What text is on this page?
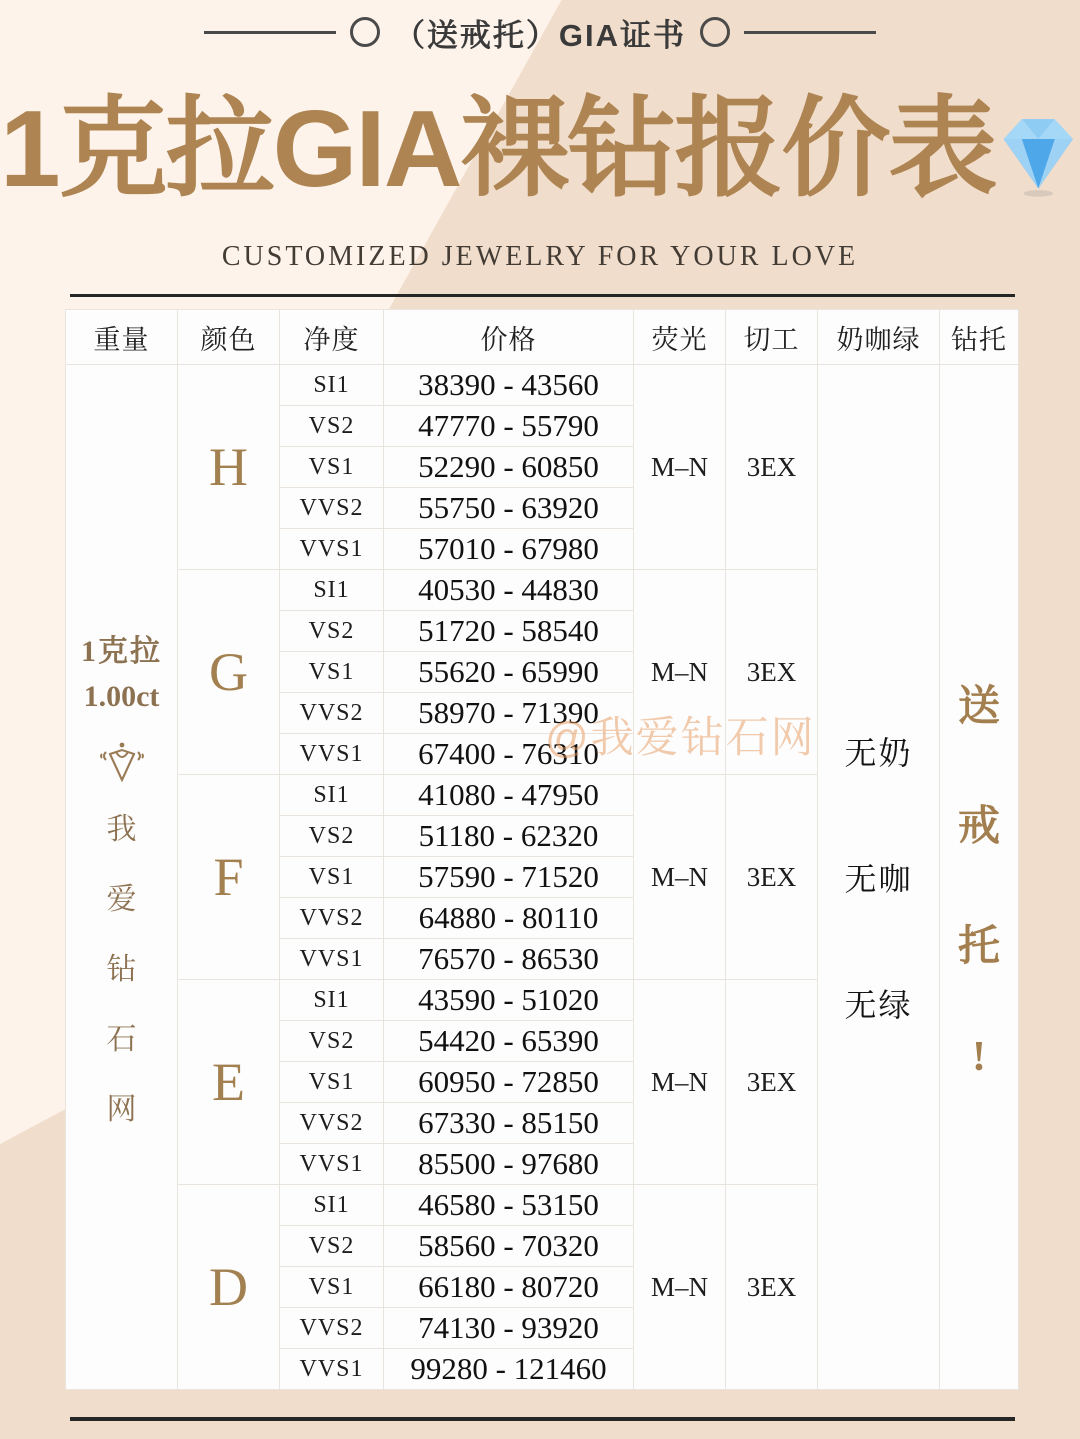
（送戒托）GIA证书
1克拉GIA裸钻报价表
CUSTOMIZED JEWELRY FOR YOUR LOVE
重量	颜色	净度	价格	荧光	切工	奶咖绿	钻托

1克拉
1.00ct
我
爱
钻
石
网
	H	SI1	38390 - 43560	M–N	3EX	
无奶
无咖
无绿

送
戒
托
!

		VS2	47770 - 55790				
		VS1	52290 - 60850				
		VVS2	55750 - 63920				
		VVS1	57010 - 67980				
	G	SI1	40530 - 44830	M–N	3EX		
		VS2	51720 - 58540				
		VS1	55620 - 65990				
		VVS2	58970 - 71390				
		VVS1	67400 - 76310				
	F	SI1	41080 - 47950	M–N	3EX		
		VS2	51180 - 62320				
		VS1	57590 - 71520				
		VVS2	64880 - 80110				
		VVS1	76570 - 86530				
	E	SI1	43590 - 51020	M–N	3EX		
		VS2	54420 - 65390				
		VS1	60950 - 72850				
		VVS2	67330 - 85150				
		VVS1	85500 - 97680				
	D	SI1	46580 - 53150	M–N	3EX		
		VS2	58560 - 70320				
		VS1	66180 - 80720				
		VVS2	74130 - 93920				
		VVS1	99280 - 121460				
@我爱钻石网
